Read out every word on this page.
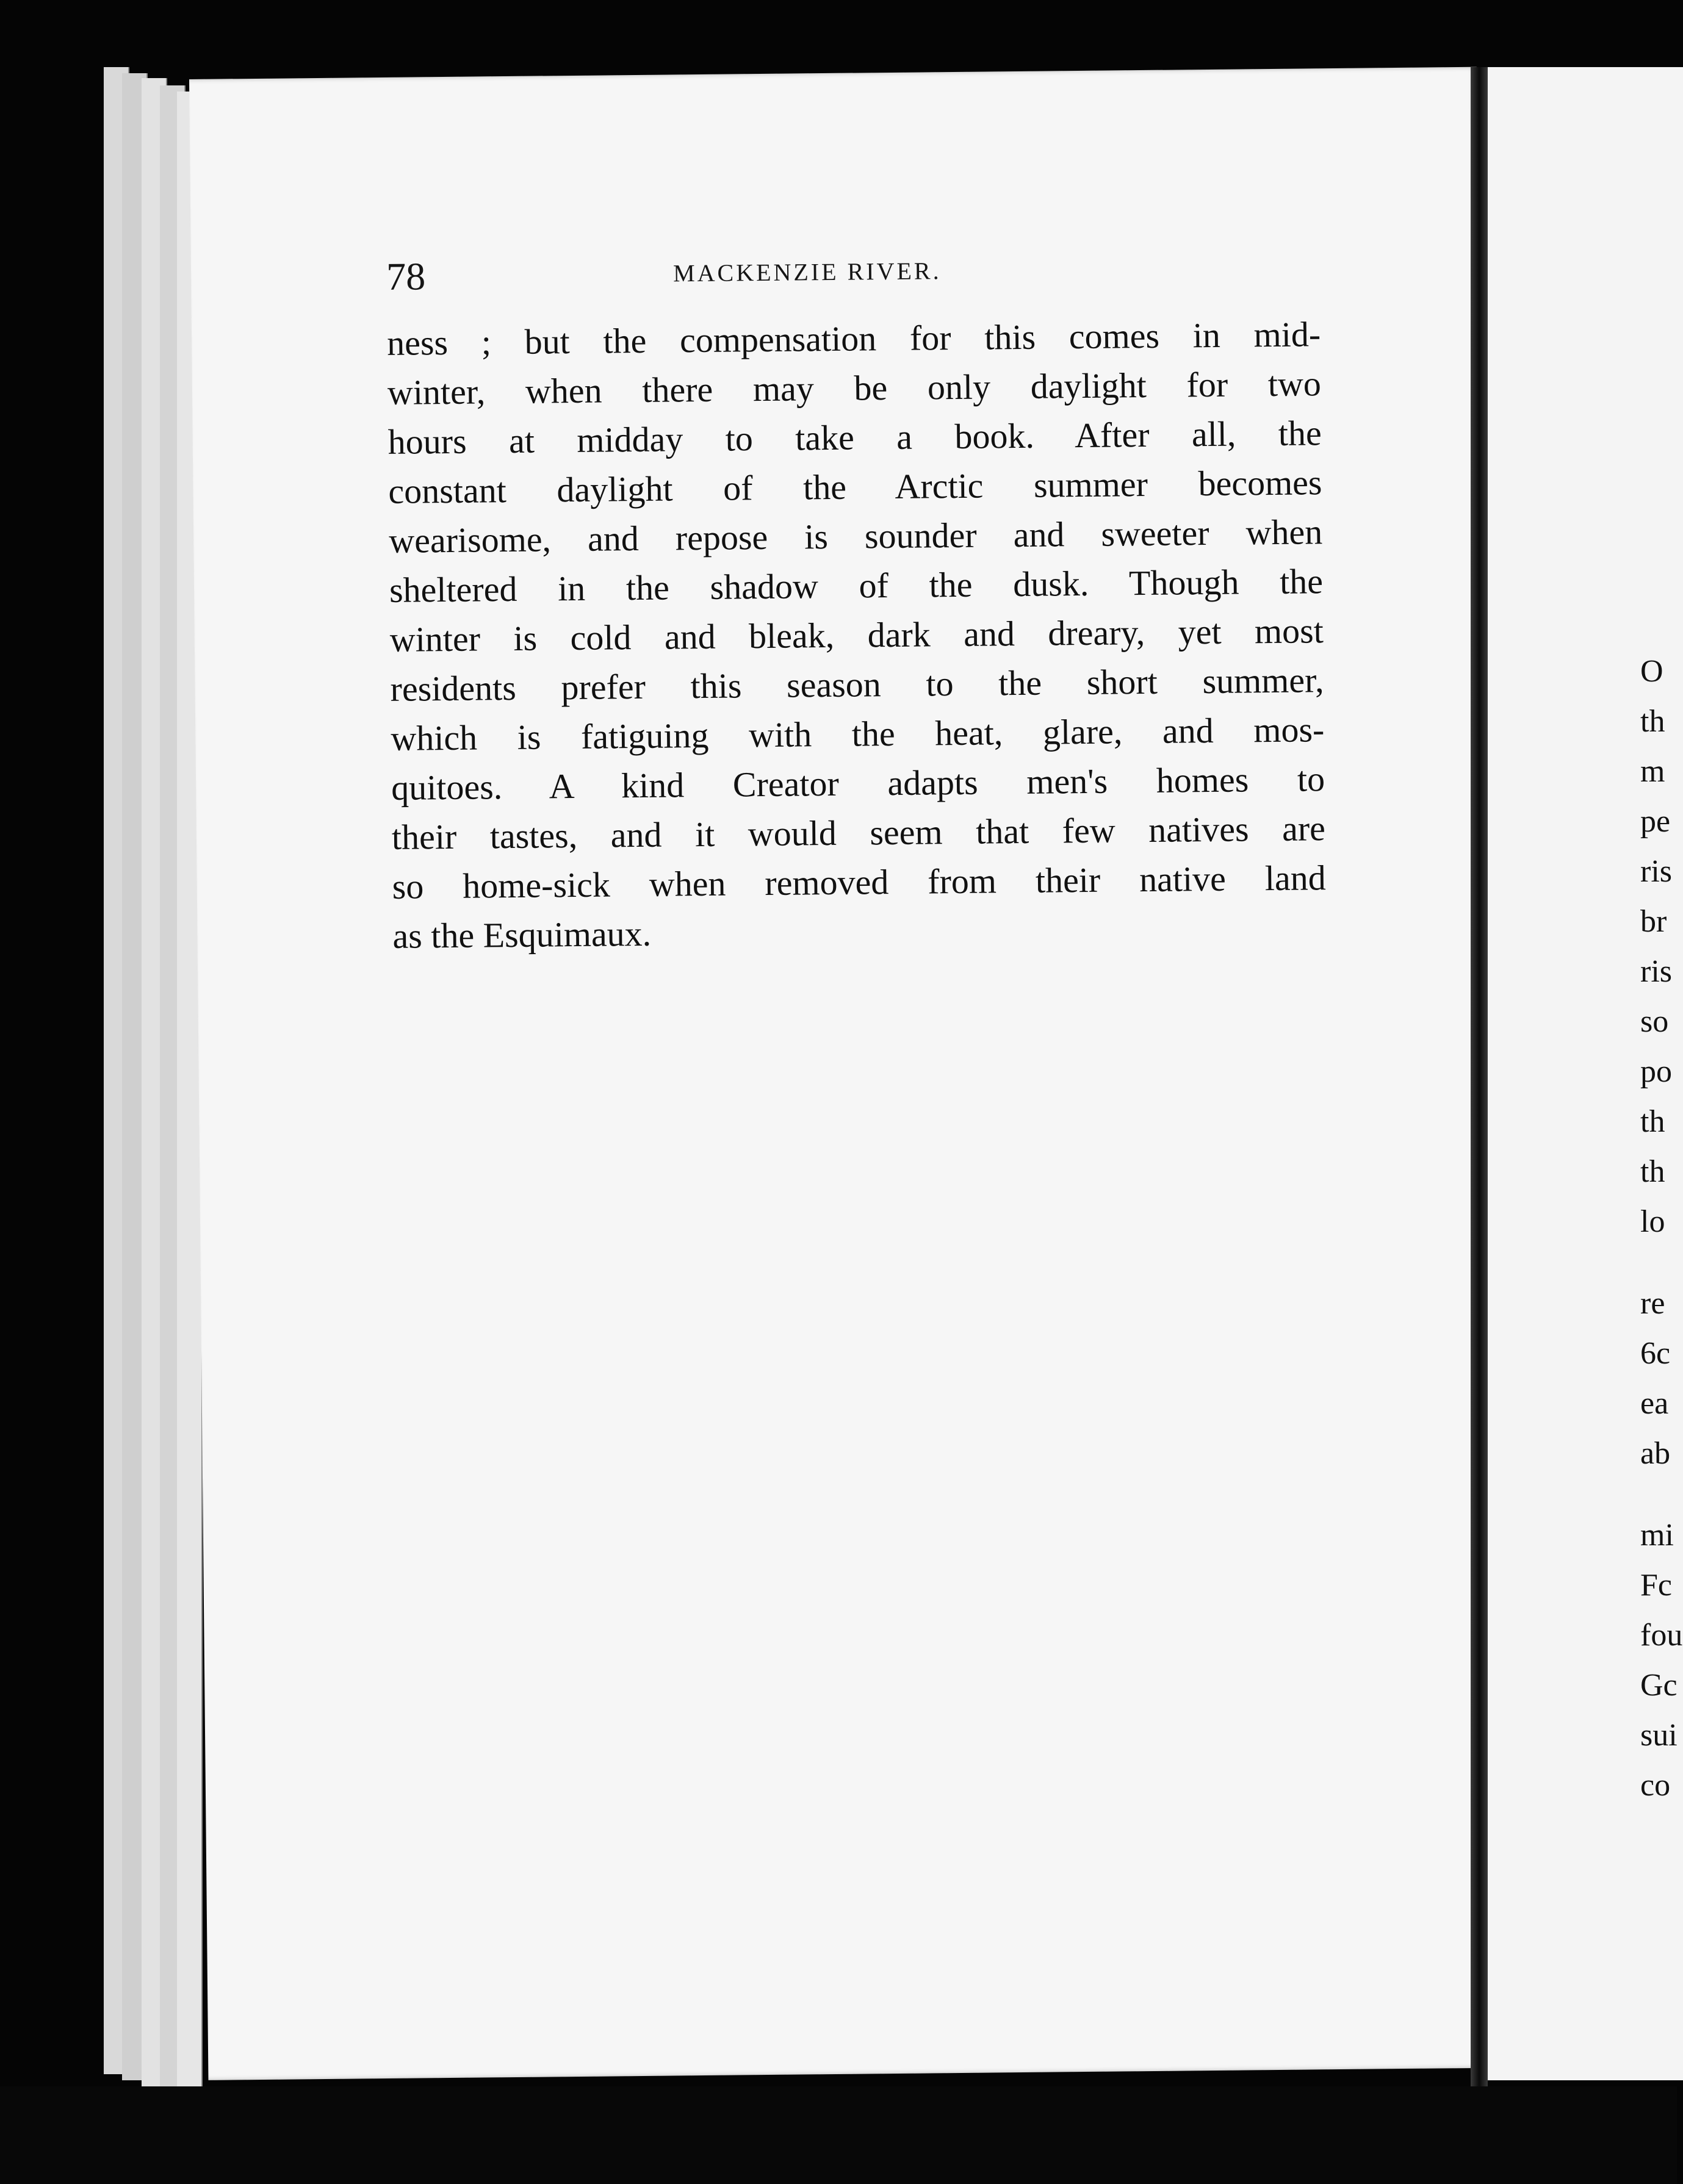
78	MACKENZIE RIVER.
ness ; but the compensation for this comes in mid-
winter, when there may be only daylight for two
hours at midday to take a book. After all, the
constant daylight of the Arctic summer becomes
wearisome, and repose is sounder and sweeter when
sheltered in the shadow of the dusk. Though the
winter is cold and bleak, dark and dreary, yet most
residents prefer this season to the short summer,
which is fatiguing with the heat, glare, and mos-
quitoes. A kind Creator adapts men's homes to
their tastes, and it would seem that few natives are
so home-sick when removed from their native land
as the Esquimaux.
O
th
m
pe
ris
br
ris
so
po
th
th
lo
re
6c
ea
ab
mi
Fc
fou
Gc
sui
co
